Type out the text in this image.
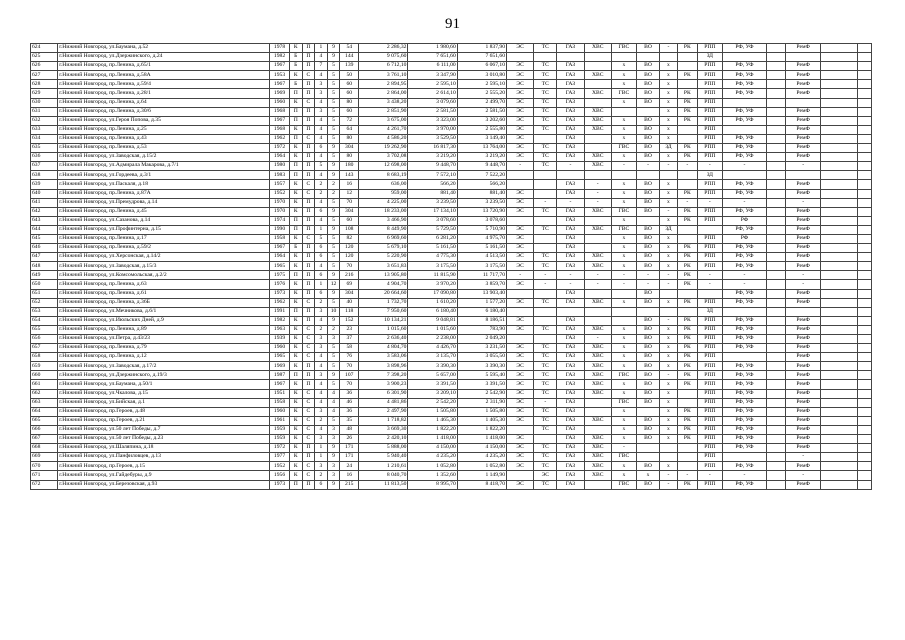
91
624	г.Нижний Новгород, ул.Баумана, д.52	1978	К	П	1	9	54	2 286,32	1 980,60	1 837,90	ЭС	ТС	ГАЗ	ХВС	ГВС	ВО	-	РК	РПП	РФ, УФ		РемФ		
625	г.Нижний Новгород, ул.Дзержинского, д.24	1982	Б	П	4	9	144	9 075,60	7 651,60	7 651,60									ЗД					
626	г.Нижний Новгород, пр.Ленина, д.65/1	1967	Б	П	7	5	139	6 712,10	6 111,00	6 067,10	ЭС	ТС	ГАЗ		х	ВО	х		РПП	РФ, УФ		РемФ		
627	г.Нижний Новгород, пр.Ленина, д.58А	1953	К	С	4	5	50	3 761,10	3 347,90	3 010,80	ЭС	ТС	ГАЗ	ХВС	х	ВО	х	РК	РПП	РФ, УФ		РемФ		
628	г.Нижний Новгород, пр.Ленина, д.59/4	1967	Б	П	3	5	60	2 894,95	2 595,10	2 595,10	ЭС	ТС	ГАЗ		х	ВО	х		РПП	РФ, УФ		РемФ		
629	г.Нижний Новгород, пр.Ленина, д.28/1	1969	П	П	3	5	60	2 864,00	2 614,10	2 555,20	ЭС	ТС	ГАЗ	ХВС	ГВС	ВО	х	РК	РПП	РФ, УФ		РемФ		
630	г.Нижний Новгород, пр.Ленина, д.64	1960	К	С	4	5	80	3 438,20	3 079,60	2 499,70	ЭС	ТС	ГАЗ		х	ВО	х	РК	РПП					
631	г.Нижний Новгород, пр.Ленина, д.30/6	1968	П	П	3	5	60	2 851,90	2 581,50	2 581,50	ЭС	ТС	ГАЗ	ХВС			х	РК	РПП	РФ, УФ		РемФ		
632	г.Нижний Новгород, ул.Героя Попова, д.35	1967	П	П	4	5	72	3 675,00	3 323,00	3 202,60	ЭС	ТС	ГАЗ	ХВС	х	ВО	х	РК	РПП	РФ, УФ		РемФ		
633	г.Нижний Новгород, пр.Ленина, д.25	1968	К	П	4	5	64	4 261,70	3 970,00	2 555,80	ЭС	ТС	ГАЗ	ХВС	х	ВО	х		РПП			РемФ		
634	г.Нижний Новгород, пр.Ленина, д.43	1962	П	С	4	5	80	4 586,20	3 529,50	3 149,40	ЭС		ГАЗ		х	ВО	х		РПП	РФ, УФ		РемФ		
635	г.Нижний Новгород, пр.Ленина, д.53	1972	К	П	6	9	304	19 262,90	16 817,30	13 764,00	ЭС	ТС	ГАЗ		ГВС	ВО	ЗД	РК	РПП	РФ, УФ		РемФ		
636	г.Нижний Новгород, ул.Заводская, д.15/2	1964	К	П	4	5	80	3 702,08	3 219,20	3 219,20	ЭС	ТС	ГАЗ	ХВС	х	ВО	х	РК	РПП	РФ, УФ		РемФ		
637	г.Нижний Новгород, ул.Адмирала Макарова, д.7/1	1980	П	П	5	9	180	12 698,00	9 448,70	9 448,70	-	ТС	-	ХВС	-	-	-	-	-	-		-		
638	г.Нижний Новгород, ул.Гордеева, д.3/1	1983	П	П	4	9	143	8 683,19	7 572,10	7 522,20									ЗД					
639	г.Нижний Новгород, ул.Паскаля, д.18	1957	К	С	2	2	16	636,00	566,20	566,20			ГАЗ	-	х	ВО	х		РПП	РФ, УФ		РемФ		
640	г.Нижний Новгород, пр.Ленина, д.87А	1952	К	С	2	2	12	959,00	881,40	881,40	ЭС		ГАЗ	-	х	ВО	х	РК	РПП	РФ, УФ		РемФ		
641	г.Нижний Новгород, ул.Премудрова, д.14	1970	К	П	4	5	70	4 225,00	3 239,50	3 239,50	ЭС	-	-	-	х	ВО	х	-	-	-		-		
642	г.Нижний Новгород, пр.Ленина, д.45	1970	К	П	6	9	304	18 233,00	17 134,10	13 720,90	ЭС	ТС	ГАЗ	ХВС	ГВС	ВО	-	РК	РПП	РФ, УФ		РемФ		
643	г.Нижний Новгород, ул.Сазанова, д.14	1974	П	П	4	5	60	3 466,90	3 078,60	3 078,60			ГАЗ		х		х	РК	РПП	РФ		РемФ		
644	г.Нижний Новгород, ул.Профинтерна, д.15	1990	П	П	1	9	108	8 449,90	5 729,50	5 710,90	ЭС	ТС	ГАЗ	ХВС	ГВС	ВО	ЗД			РФ, УФ		РемФ		
645	г.Нижний Новгород, пр.Ленина, д.17	1958	К	С	5	5	82	6 969,60	6 281,20	4 975,70	ЭС		ГАЗ		х	ВО	х		РПП	РФ		РемФ		
646	г.Нижний Новгород, пр.Ленина, д.59/2	1967	Б	П	6	5	120	5 679,10	5 161,50	5 161,50	ЭС		ГАЗ		х	ВО	х	РК	РПП	РФ, УФ		РемФ		
647	г.Нижний Новгород, ул.Херсонская, д.14/2	1964	К	П	6	5	120	5 220,90	4 775,30	4 513,50	ЭС	ТС	ГАЗ	ХВС	х	ВО	х	РК	РПП	РФ, УФ		РемФ		
648	г.Нижний Новгород, ул.Заводская, д.15/3	1965	К	П	4	5	70	3 651,83	3 175,50	3 175,50	ЭС	ТС	ГАЗ	ХВС	х	ВО	х	РК	РПП	РФ, УФ		РемФ		
649	г.Нижний Новгород, ул.Комсомольская, д.2/2	1975	П	П	6	9	216	13 905,80	11 815,90	11 717,70	-	-	-	-	-	-	-	РК	-	-		-		
650	г.Нижний Новгород, пр.Ленина, д.63	1976	К	П	1	12	69	4 904,70	3 970,20	3 859,70	ЭС	-	-	-	-	-	-	РК	-	-		-		
651	г.Нижний Новгород, пр.Ленина, д.61	1973	К	П	6	9	304	20 664,60	17 090,80	13 903,40			ГАЗ			ВО				РФ, УФ		РемФ		
652	г.Нижний Новгород, пр.Ленина, д.36Б	1962	К	С	2	5	40	1 732,70	1 610,20	1 577,20	ЭС	ТС	ГАЗ	ХВС	х	ВО	х	РК	РПП	РФ, УФ		РемФ		
653	г.Нижний Новгород, ул.Мечникова, д.6/1	1991	П	П	3	10	118	7 950,60	6 180,40	6 180,40									ЗД					
654	г.Нижний Новгород, ул.Июльских Дней, д.9	1982	К	П	4	9	152	10 134,21	9 048,81	8 186,51	ЭС		ГАЗ			ВО	-	РК	РПП	РФ, УФ		РемФ		
655	г.Нижний Новгород, пр.Ленина, д.89	1963	К	С	2	2	23	1 015,60	1 015,60	783,90	ЭС	ТС	ГАЗ	ХВС	х	ВО	х	РК	РПП	РФ, УФ		РемФ		
656	г.Нижний Новгород, ул.Петра, д.43/23	1939	К	С	3	3	37	2 636,40	2 238,00	2 049,20			ГАЗ	-	х	ВО	х	РК	РПП	РФ, УФ		РемФ		
657	г.Нижний Новгород, пр.Ленина, д.79	1960	К	С	3	5	58	4 804,70	4 426,70	3 231,50	ЭС	ТС	ГАЗ	ХВС	х	ВО	х	РК	РПП	РФ, УФ		РемФ		
658	г.Нижний Новгород, пр.Ленина, д.12	1965	К	С	4	5	76	3 583,06	3 135,70	3 055,50	ЭС	ТС	ГАЗ	ХВС	х	ВО	х	РК	РПП			РемФ		
659	г.Нижний Новгород, ул.Заводская, д.17/2	1969	К	П	4	5	70	3 898,96	3 390,30	3 390,30	ЭС	ТС	ГАЗ	ХВС	х	ВО	х	РК	РПП	РФ, УФ		РемФ		
660	г.Нижний Новгород, ул.Дзержинского, д.19/3	1987	П	П	3	9	107	7 398,20	5 657,00	5 595,40	ЭС	ТС	ГАЗ	ХВС	ГВС	ВО	-	РК	РПП	РФ, УФ		РемФ		
661	г.Нижний Новгород, ул.Баумана, д.50/1	1967	К	П	4	5	70	3 900,23	3 391,50	3 391,50	ЭС	ТС	ГАЗ	ХВС	х	ВО	х	РК	РПП	РФ, УФ		РемФ		
662	г.Нижний Новгород, ул.Чкалова, д.15	1951	К	С	4	4	36	6 301,90	3 209,10	2 542,90	ЭС	ТС	ГАЗ	ХВС	х	ВО	х		РПП	РФ, УФ		РемФ		
663	г.Нижний Новгород, ул.Бийская, д.1	1958	К	С	4	4	46	4 481,86	2 542,20	2 311,90	ЭС	-	ГАЗ		ГВС	ВО	х		РПП	РФ, УФ		РемФ		
664	г.Нижний Новгород, пр.Героев, д.48	1960	К	С	3	4	36	2 497,90	1 505,80	1 505,80	ЭС	ТС	ГАЗ		х		х	РК	РПП	РФ, УФ		РемФ		
665	г.Нижний Новгород, пр.Героев, д.21	1961	К	С	2	5	35	1 718,82	1 465,30	1 405,30	ЭС	ТС	ГАЗ	ХВС	х	ВО	х	РК	РПП	РФ, УФ		РемФ		
666	г.Нижний Новгород, ул.50 лет Победы, д.7	1959	К	С	4	3	48	3 669,30	1 822,20	1 822,20		ТС	ГАЗ		х	ВО	х	РК	РПП	РФ, УФ		РемФ		
667	г.Нижний Новгород, ул.50 лет Победы, д.23	1959	К	С	3	3	26	2 420,10	1 418,00	1 418,00	ЭС		ГАЗ	ХВС	х	ВО	х	РК	РПП	РФ, УФ		РемФ		
668	г.Нижний Новгород, ул.Шаляпина, д.18	1972	К	П	1	9	171	5 888,00	4 150,00	4 150,00	ЭС	ТС	ГАЗ	ХВС	-				РПП	РФ, УФ		РемФ		
669	г.Нижний Новгород, ул.Панфиловцев, д.13	1977	К	П	1	9	171	5 940,40	4 235,20	4 235,20	ЭС	ТС	ГАЗ	ХВС	ГВС				РПП			-		
670	г.Нижний Новгород, пр.Героев, д.15	1952	К	С	3	3	24	1 210,61	1 052,80	1 052,80	ЭС	ТС	ГАЗ	ХВС	х	ВО	х		РПП	РФ, УФ		РемФ		
671	г.Нижний Новгород, ул.Гайдебуры, д.9	1956	К	С	2	3	16	8 040,70	1 352,60	1 149,90		ЭС	ГАЗ	ХВС	х	х	-	-	-	-		-		
672	г.Нижний Новгород, ул.Березовская, д.93	1973	П	П	6	9	215	11 813,50	8 995,70	8 418,70	ЭС	ТС	ГАЗ		ГВС	ВО	-	РК	РПП	РФ, УФ		РемФ		
